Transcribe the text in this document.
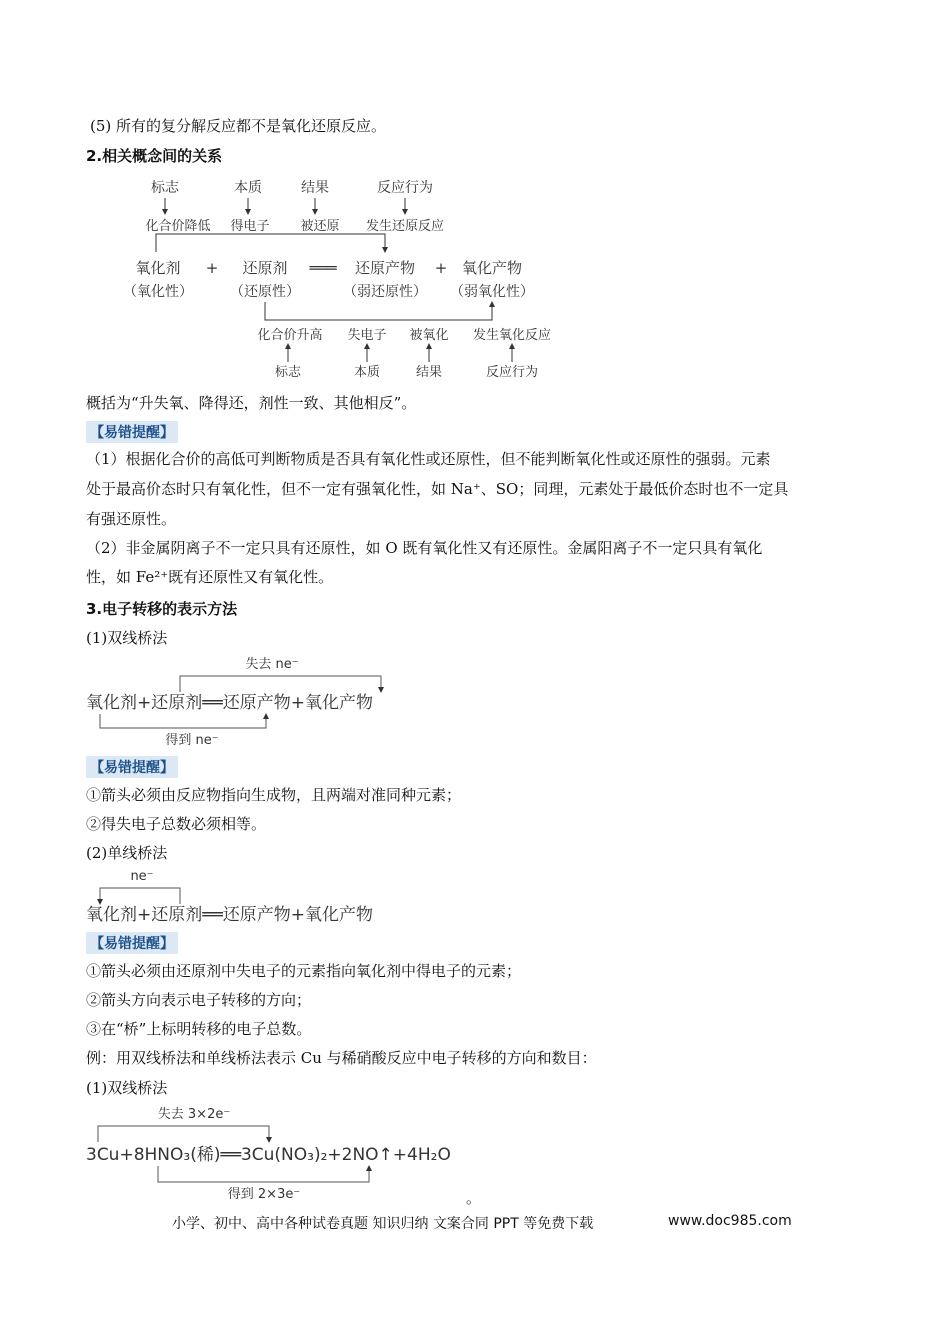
(5) 所有的复分解反应都不是氧化还原反应。
2.相关概念间的关系
标志	本质	结果	反应行为
化合价降低 得电子 被还原 发生还原反应
氧化剂 + 还原剂 ═══ 还原产物 + 氧化产物
（氧化性）	（还原性）	（弱还原性） （弱氧化性）
化合价升高 失电子 被氧化 发生氧化反应
标志	本质	结果	反应行为
概括为“升失氧、降得还，剂性一致、其他相反”。
【易错提醒】
（1）根据化合价的高低可判断物质是否具有氧化性或还原性，但不能判断氧化性或还原性的强弱。元素
处于最高价态时只有氧化性，但不一定有强氧化性，如 Na⁺、SO；同理，元素处于最低价态时也不一定具
有强还原性。
（2）非金属阴离子不一定只具有还原性，如 O 既有氧化性又有还原性。金属阳离子不一定只具有氧化
性，如 Fe²⁺既有还原性又有氧化性。
3.电子转移的表示方法
(1)双线桥法
失去 ne⁻
氧化剂+还原剂══还原产物+氧化产物
得到 ne⁻
【易错提醒】
①箭头必须由反应物指向生成物，且两端对准同种元素；
②得失电子总数必须相等。
(2)单线桥法
ne⁻
氧化剂+还原剂══还原产物+氧化产物
【易错提醒】
①箭头必须由还原剂中失电子的元素指向氧化剂中得电子的元素；
②箭头方向表示电子转移的方向；
③在“桥”上标明转移的电子总数。
例：用双线桥法和单线桥法表示 Cu 与稀硝酸反应中电子转移的方向和数目：
(1)双线桥法
失去 3×2e⁻
3Cu+8HNO₃(稀)══3Cu(NO₃)₂+2NO↑+4H₂O
得到 2×3e⁻	。
小学、初中、高中各种试卷真题 知识归纳 文案合同 PPT 等免费下载	www.doc985.com
